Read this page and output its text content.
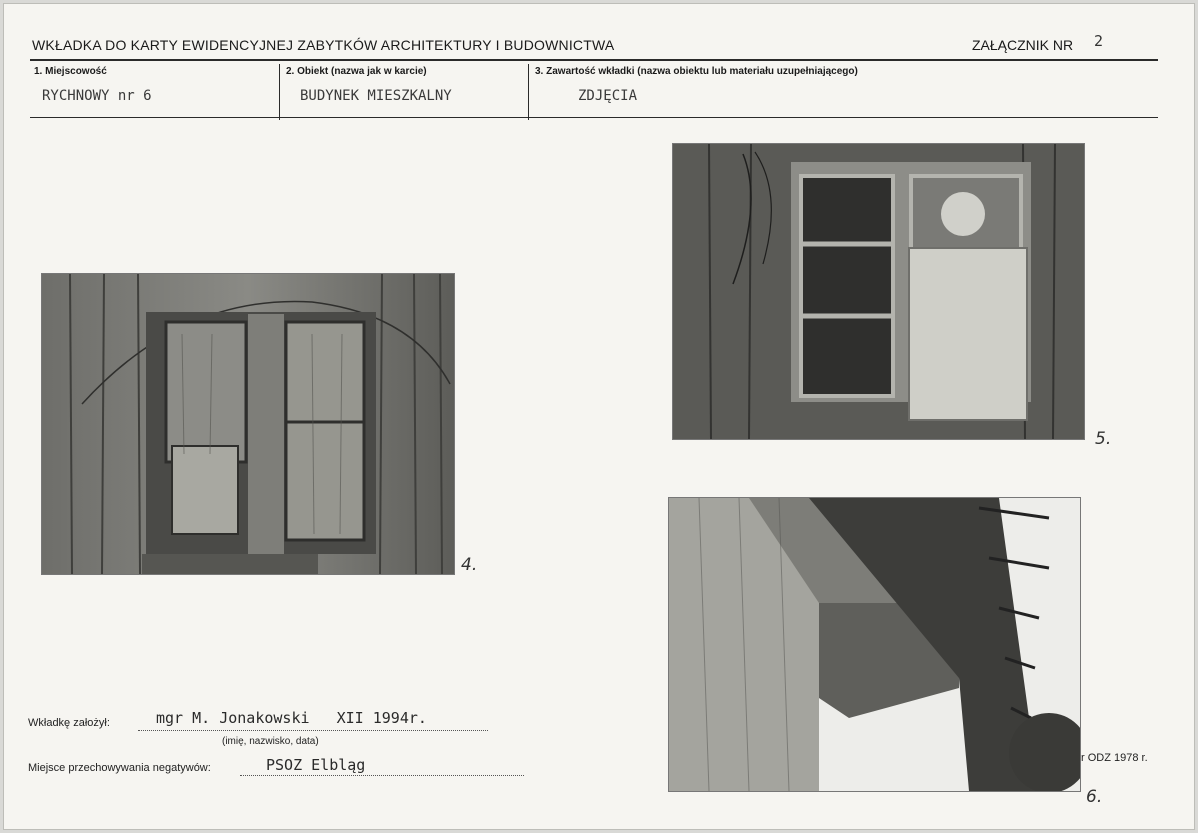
WKŁADKA DO KARTY EWIDENCYJNEJ ZABYTKÓW ARCHITEKTURY I BUDOWNICTWA	ZAŁĄCZNIK NR 2
1. Miejscowość
RYCHNOWY nr 6
2. Obiekt (nazwa jak w karcie)
BUDYNEK MIESZKALNY
3. Zawartość wkładki (nazwa obiektu lub materiału uzupełniającego)
ZDJĘCIA
4.
5.
6.
r ODZ 1978 r.
Wkładkę założył:	mgr M. Jonakowski   XII 1994r.
(imię, nazwisko, data)
Miejsce przechowywania negatywów:	PSOZ Elbląg
